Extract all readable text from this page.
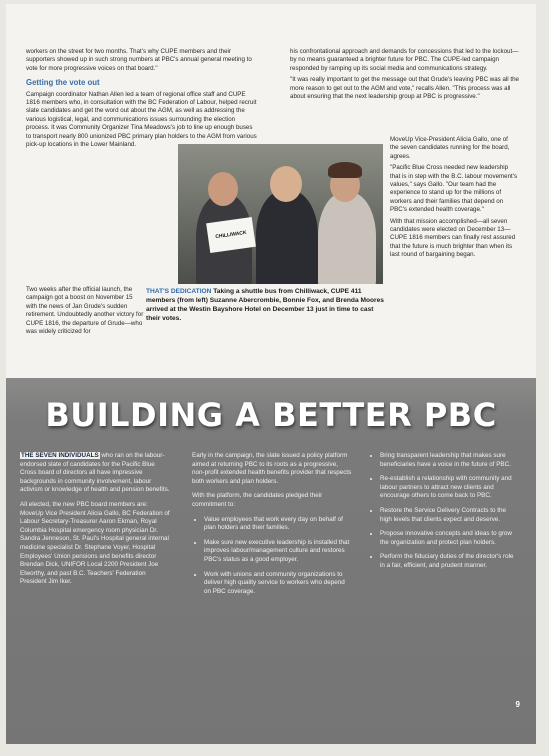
workers on the street for two months. That's why CUPE members and their supporters showed up in such strong numbers at PBC's annual general meeting to vote for more progressive voices on that board."

Getting the vote out

Campaign coordinator Nathan Allen led a team of regional office staff and CUPE 1816 members who, in consultation with the BC Federation of Labour, helped recruit slate candidates and get the word out about the AGM, as well as addressing the various logistical, legal, and communications issues surrounding the election process. It was Community Organizer Tina Meadows's job to line up enough buses to transport nearly 800 unionized PBC primary plan holders to the AGM from various pick-up locations in the Lower Mainland.

Two weeks after the official launch, the campaign got a boost on November 15 with the news of Jan Grude's sudden retirement. Undoubtedly another victory for CUPE 1816, the departure of Grude—who was widely criticized for

his confrontational approach and demands for concessions that led to the lockout—by no means guaranteed a brighter future for PBC. The CUPE-led campaign responded by ramping up its social media and communications strategy.

"It was really important to get the message out that Grude's leaving PBC was all the more reason to get out to the AGM and vote," recalls Allen. "This process was all about ensuring that the next leadership group at PBC is progressive."

MoveUp Vice-President Alicia Gallo, one of the seven candidates running for the board, agrees.

"Pacific Blue Cross needed new leadership that is in step with the B.C. labour movement's values," says Gallo. "Our team had the experience to stand up for the millions of workers and their families that depend on PBC's extended health coverage."

With that mission accomplished—all seven candidates were elected on December 13—CUPE 1816 members can finally rest assured that the future is much brighter than when its last round of bargaining began.

CHILLIWACK
THAT'S DEDICATION Taking a shuttle bus from Chilliwack, CUPE 411 members (from left) Suzanne Abercrombie, Bonnie Fox, and Brenda Moores arrived at the Westin Bayshore Hotel on December 13 just in time to cast their votes.
BUILDING A BETTER PBC

THE SEVEN INDIVIDUALS who ran on the labour-endorsed slate of candidates for the Pacific Blue Cross board of directors all have impressive backgrounds in community involvement, labour activism or knowledge of health and pension benefits.

All elected, the new PBC board members are: MoveUp Vice President Alicia Gallo, BC Federation of Labour Secretary-Treasurer Aaron Ekman, Royal Columbia Hospital emergency room physician Dr. Sandra Jenneson, St. Paul's Hospital general internal medicine specialist Dr. Stephane Voyer, Hospital Employees' Union pensions and benefits director Brendan Dick, UNIFOR Local 2200 President Joe Elworthy, and past B.C. Teachers' Federation President Jim Iker.

Early in the campaign, the slate issued a policy platform aimed at returning PBC to its roots as a progressive, non-profit extended health benefits provider that respects both workers and plan holders.

With the platform, the candidates pledged their commitment to:

• Value employees that work every day on behalf of plan holders and their families.
• Make sure new executive leadership is installed that improves labour/management culture and restores PBC's status as a good employer.
• Work with unions and community organizations to deliver high quality service to workers who depend on PBC coverage.
• Bring transparent leadership that makes sure beneficiaries have a voice in the future of PBC.
• Re-establish a relationship with community and labour partners to attract new clients and encourage others to come back to PBC.
• Restore the Service Delivery Contracts to the high levels that clients expect and deserve.
• Propose innovative concepts and ideas to grow the organization and protect plan holders.
• Perform the fiduciary duties of the director's role in a fair, efficient, and prudent manner.
9
